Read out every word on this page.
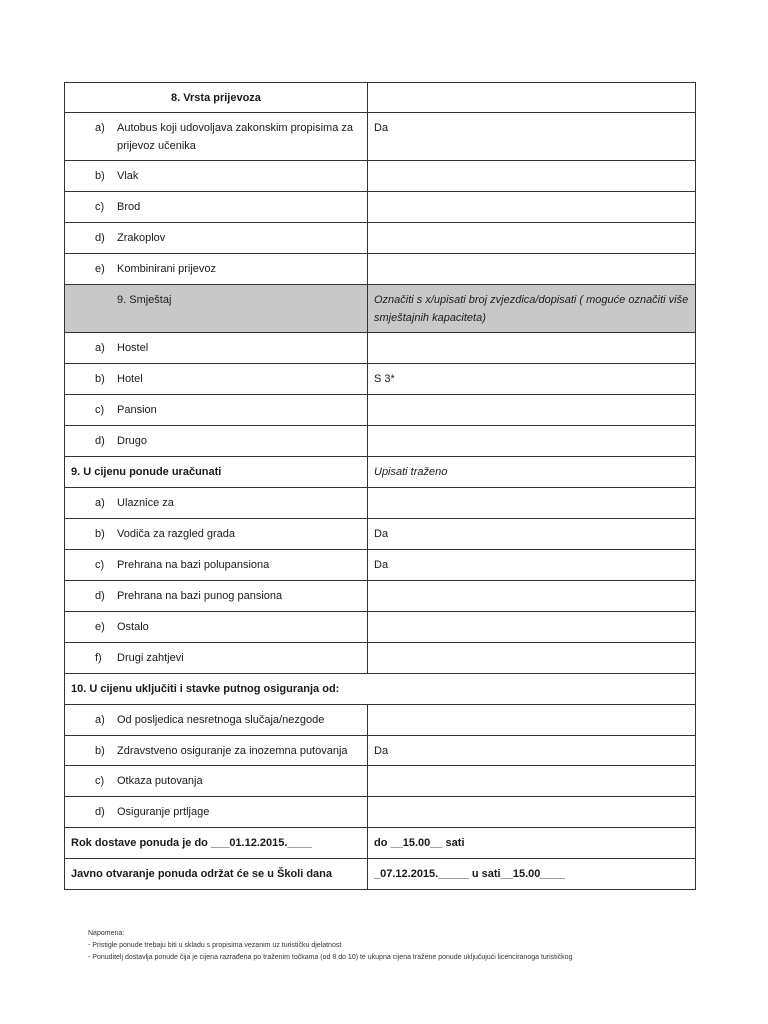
8. Vrsta prijevoza	

a) Autobus koji udovoljava zakonskim propisima za prijevoz učenika	Da

b) Vlak	

c) Brod	

d) Zrakoplov	

e) Kombinirani prijevoz	

9. Smještaj	Označiti s x/upisati broj zvjezdica/dopisati ( moguće označiti više smještajnih kapaciteta)

a) Hostel	

b) Hotel	S 3*

c) Pansion	

d) Drugo	

9. U cijenu ponude uračunati	Upisati traženo

a) Ulaznice za	

b) Vodiča za razgled grada	Da

c) Prehrana na bazi polupansiona	Da

d) Prehrana na bazi punog pansiona	

e) Ostalo	

f) Drugi zahtjevi	

10. U cijenu uključiti i stavke putnog osiguranja od:	

a) Od posljedica nesretnoga slučaja/nezgode	

b) Zdravstveno osiguranje za inozemna putovanja	Da

c) Otkaza putovanja	

d) Osiguranje prtljage	

Rok dostave ponuda je do ___01.12.2015.____	do __15.00__ sati
Javno otvaranje ponuda održat će se u Školi dana	_07.12.2015._____ u sati__15.00____
Napomena:
- Pristigle ponude trebaju biti u skladu s propisima vezanim uz turističku djelatnost
- Ponuditelj dostavlja ponude čija je cijena razrađena po traženim točkama (od 8 do 10) te ukupna cijena tražene ponude uključujući licenciranoga turističkog
